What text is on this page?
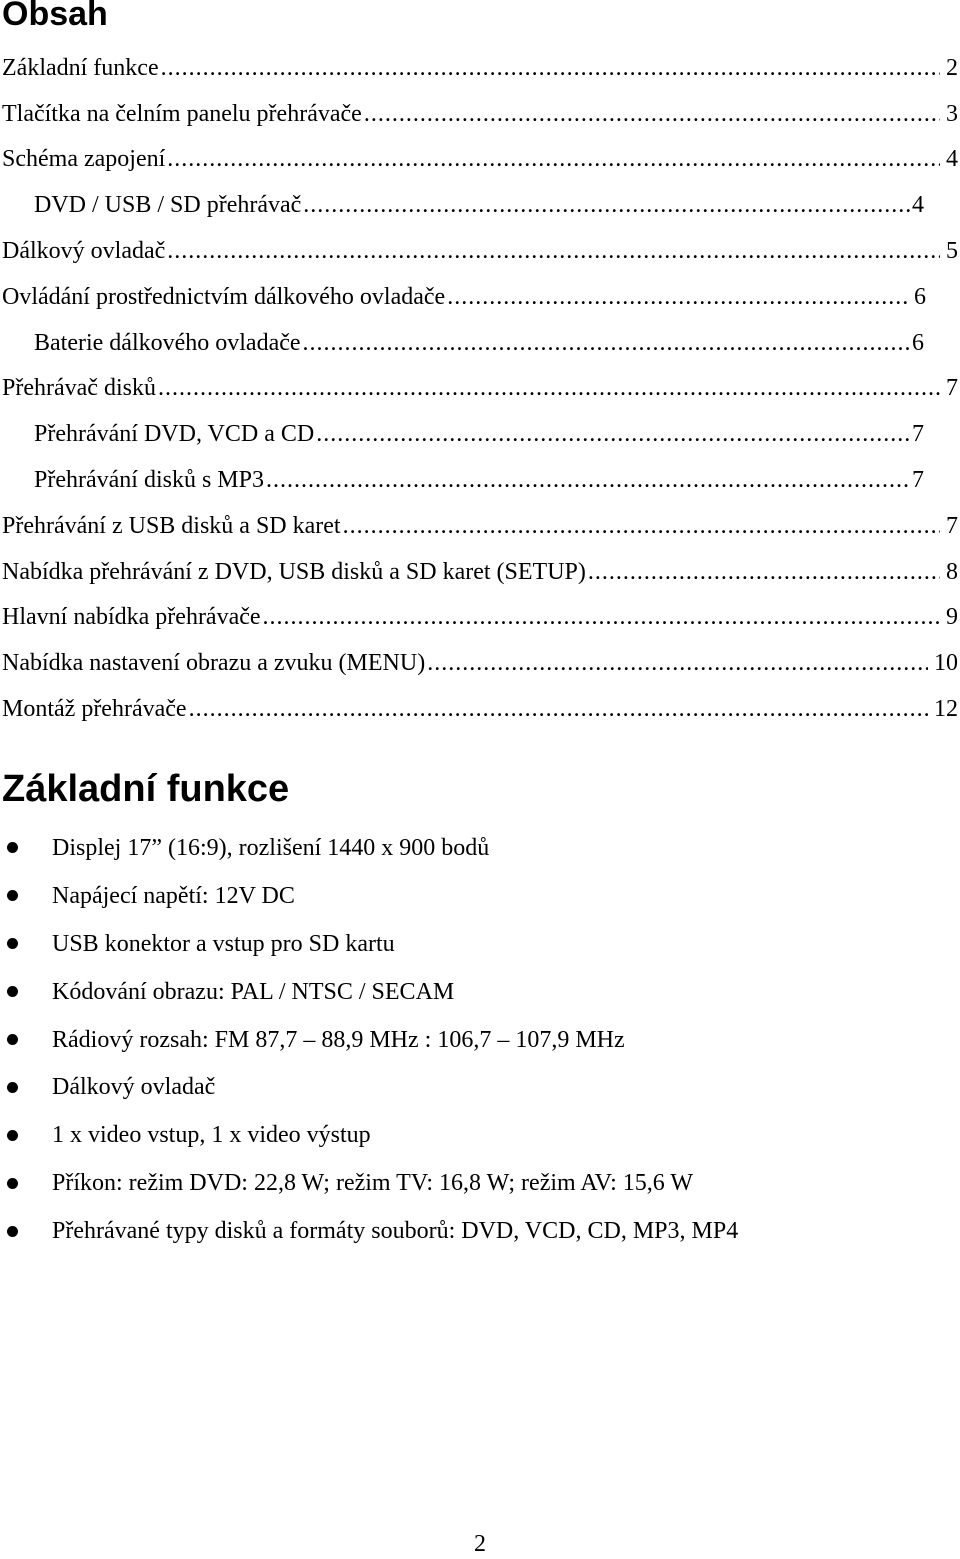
Obsah
Základní funkce .....	2
Tlačítka na čelním panelu přehrávače .....	3
Schéma zapojení .....	4
DVD / USB / SD přehrávač .....	4
Dálkový ovladač .....	5
Ovládání prostřednictvím dálkového ovladače .....	6
Baterie dálkového ovladače .....	6
Přehrávač disků .....	7
Přehrávání DVD, VCD a CD .....	7
Přehrávání disků s MP3 .....	7
Přehrávání z USB disků a SD karet .....	7
Nabídka přehrávání z DVD, USB disků a SD karet (SETUP) .....	8
Hlavní nabídka přehrávače .....	9
Nabídka nastavení obrazu a zvuku (MENU) .....	10
Montáž přehrávače .....	12
Základní funkce
Displej 17” (16:9), rozlišení 1440 x 900 bodů
Napájecí napětí: 12V DC
USB konektor a vstup pro SD kartu
Kódování obrazu: PAL / NTSC / SECAM
Rádiový rozsah: FM 87,7 – 88,9 MHz : 106,7 – 107,9 MHz
Dálkový ovladač
1 x video vstup, 1 x video výstup
Příkon: režim DVD: 22,8 W; režim TV: 16,8 W; režim AV: 15,6 W
Přehrávané typy disků a formáty souborů: DVD, VCD, CD, MP3, MP4
2
